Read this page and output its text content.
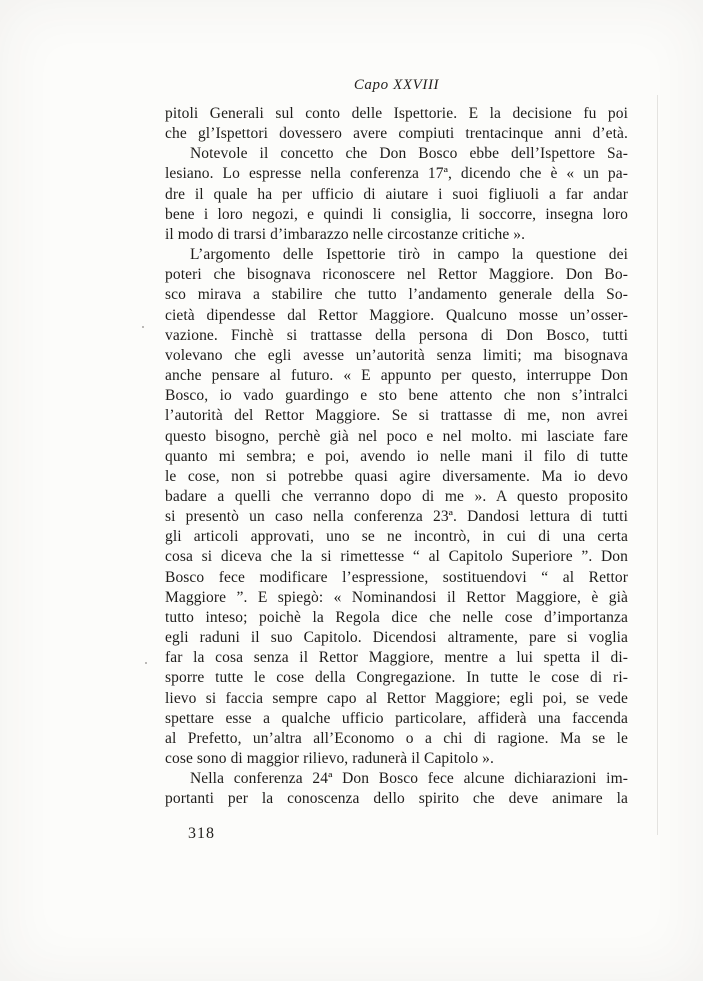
Capo XXVIII
pitoli Generali sul conto delle Ispettorie. E la decisione fu poi
che gl’Ispettori dovessero avere compiuti trentacinque anni d’età.
Notevole il concetto che Don Bosco ebbe dell’Ispettore Sa-
lesiano. Lo espresse nella conferenza 17ª, dicendo che è « un pa-
dre il quale ha per ufficio di aiutare i suoi figliuoli a far andar
bene i loro negozi, e quindi li consiglia, li soccorre, insegna loro
il modo di trarsi d’imbarazzo nelle circostanze critiche ».
L’argomento delle Ispettorie tirò in campo la questione dei
poteri che bisognava riconoscere nel Rettor Maggiore. Don Bo-
sco mirava a stabilire che tutto l’andamento generale della So-
cietà dipendesse dal Rettor Maggiore. Qualcuno mosse un’osser-
vazione. Finchè si trattasse della persona di Don Bosco, tutti
volevano che egli avesse un’autorità senza limiti; ma bisognava
anche pensare al futuro. « E appunto per questo, interruppe Don
Bosco, io vado guardingo e sto bene attento che non s’intralci
l’autorità del Rettor Maggiore. Se si trattasse di me, non avrei
questo bisogno, perchè già nel poco e nel molto. mi lasciate fare
quanto mi sembra; e poi, avendo io nelle mani il filo di tutte
le cose, non si potrebbe quasi agire diversamente. Ma io devo
badare a quelli che verranno dopo di me ». A questo proposito
si presentò un caso nella conferenza 23ª. Dandosi lettura di tutti
gli articoli approvati, uno se ne incontrò, in cui di una certa
cosa si diceva che la si rimettesse “ al Capitolo Superiore ”. Don
Bosco fece modificare l’espressione, sostituendovi “ al Rettor
Maggiore ”. E spiegò: « Nominandosi il Rettor Maggiore, è già
tutto inteso; poichè la Regola dice che nelle cose d’importanza
egli raduni il suo Capitolo. Dicendosi altramente, pare si voglia
far la cosa senza il Rettor Maggiore, mentre a lui spetta il di-
sporre tutte le cose della Congregazione. In tutte le cose di ri-
lievo si faccia sempre capo al Rettor Maggiore; egli poi, se vede
spettare esse a qualche ufficio particolare, affiderà una faccenda
al Prefetto, un’altra all’Economo o a chi di ragione. Ma se le
cose sono di maggior rilievo, radunerà il Capitolo ».
Nella conferenza 24ª Don Bosco fece alcune dichiarazioni im-
portanti per la conoscenza dello spirito che deve animare la
318
